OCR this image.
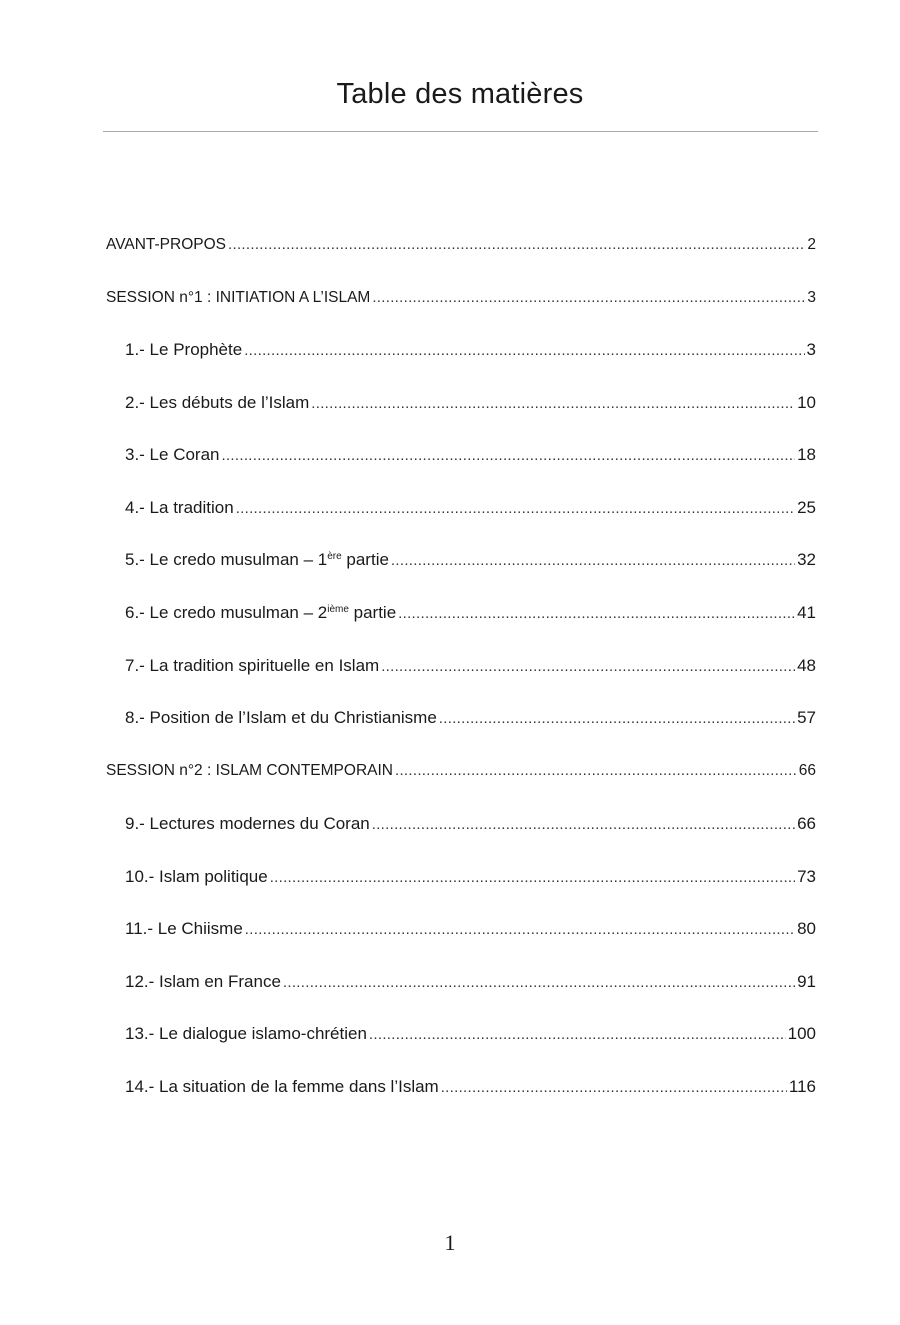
Table des matières
AVANT-PROPOS .....	2
SESSION n°1 : INITIATION A L’ISLAM .....	3
1.- Le Prophète .....	3
2.- Les débuts de l’Islam .....	10
3.- Le Coran .....	18
4.- La tradition .....	25
5.- Le credo musulman – 1ère partie .....	32
6.- Le credo musulman – 2ième partie .....	41
7.- La tradition spirituelle en Islam .....	48
8.- Position de l’Islam et du Christianisme .....	57
SESSION n°2 : ISLAM CONTEMPORAIN .....	66
9.- Lectures modernes du Coran .....	66
10.- Islam politique .....	73
11.- Le Chiisme .....	80
12.- Islam en France .....	91
13.- Le dialogue islamo-chrétien .....	100
14.- La situation de la femme dans l’Islam .....	116
1
